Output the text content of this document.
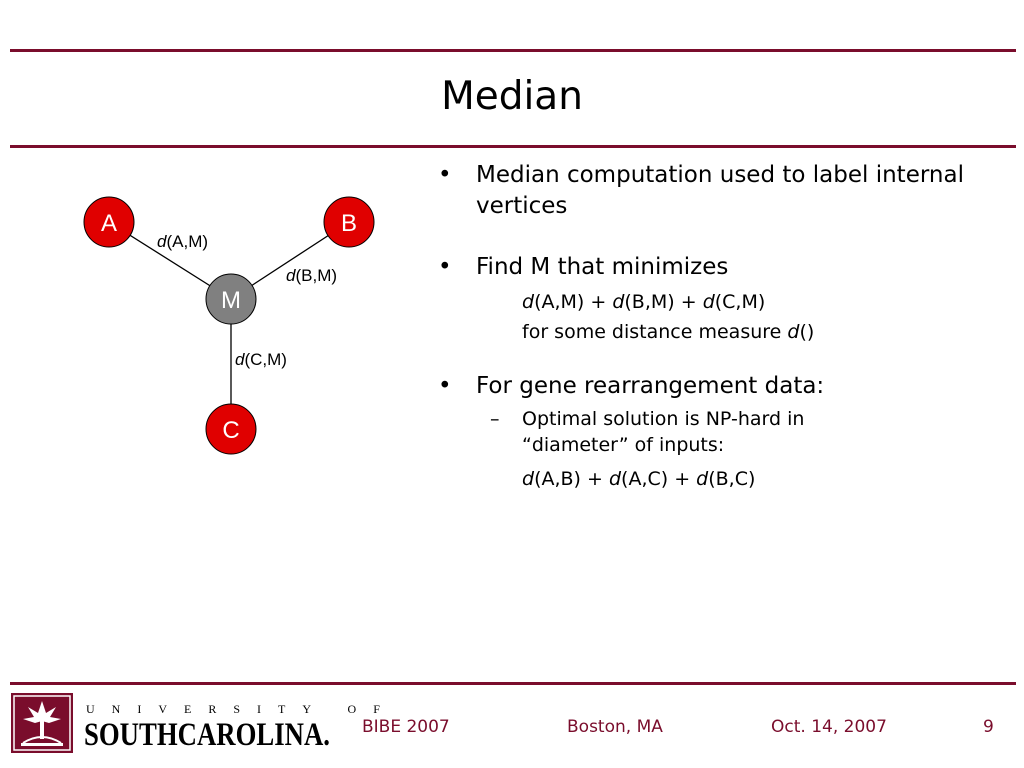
Median
A	B
M
C
d(A,M)
d(B,M)
d(C,M)
• Median computation used to label internal vertices
• Find M that minimizes
d(A,M) + d(B,M) + d(C,M)
for some distance measure d()
• For gene rearrangement data:
– Optimal solution is NP-hard in “diameter” of inputs:
d(A,B) + d(A,C) + d(B,C)
UNIVERSITY OF
SOUTHCAROLINA. BIBE 2007	Boston, MA	Oct. 14, 2007	9
